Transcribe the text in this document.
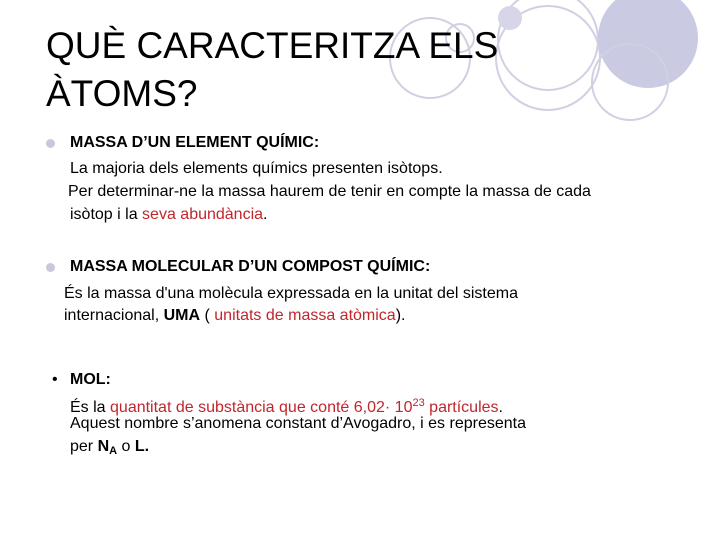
QUÈ CARACTERITZA ELS
ÀTOMS?
MASSA D’UN ELEMENT QUÍMIC:
La majoria dels elements químics presenten isòtops.
Per determinar-ne la massa haurem de tenir en compte la massa de cada
isòtop i la seva abundància.
MASSA MOLECULAR D’UN COMPOST QUÍMIC:
És la massa d'una molècula expressada en la unitat del sistema
internacional, UMA ( unitats de massa atòmica).
• MOL:
És la quantitat de substància que conté $6,02\cdot 10^{23}$ partícules.
Aquest nombre s’anomena constant d’Avogadro, i es representa
per $N_A$ o L.
